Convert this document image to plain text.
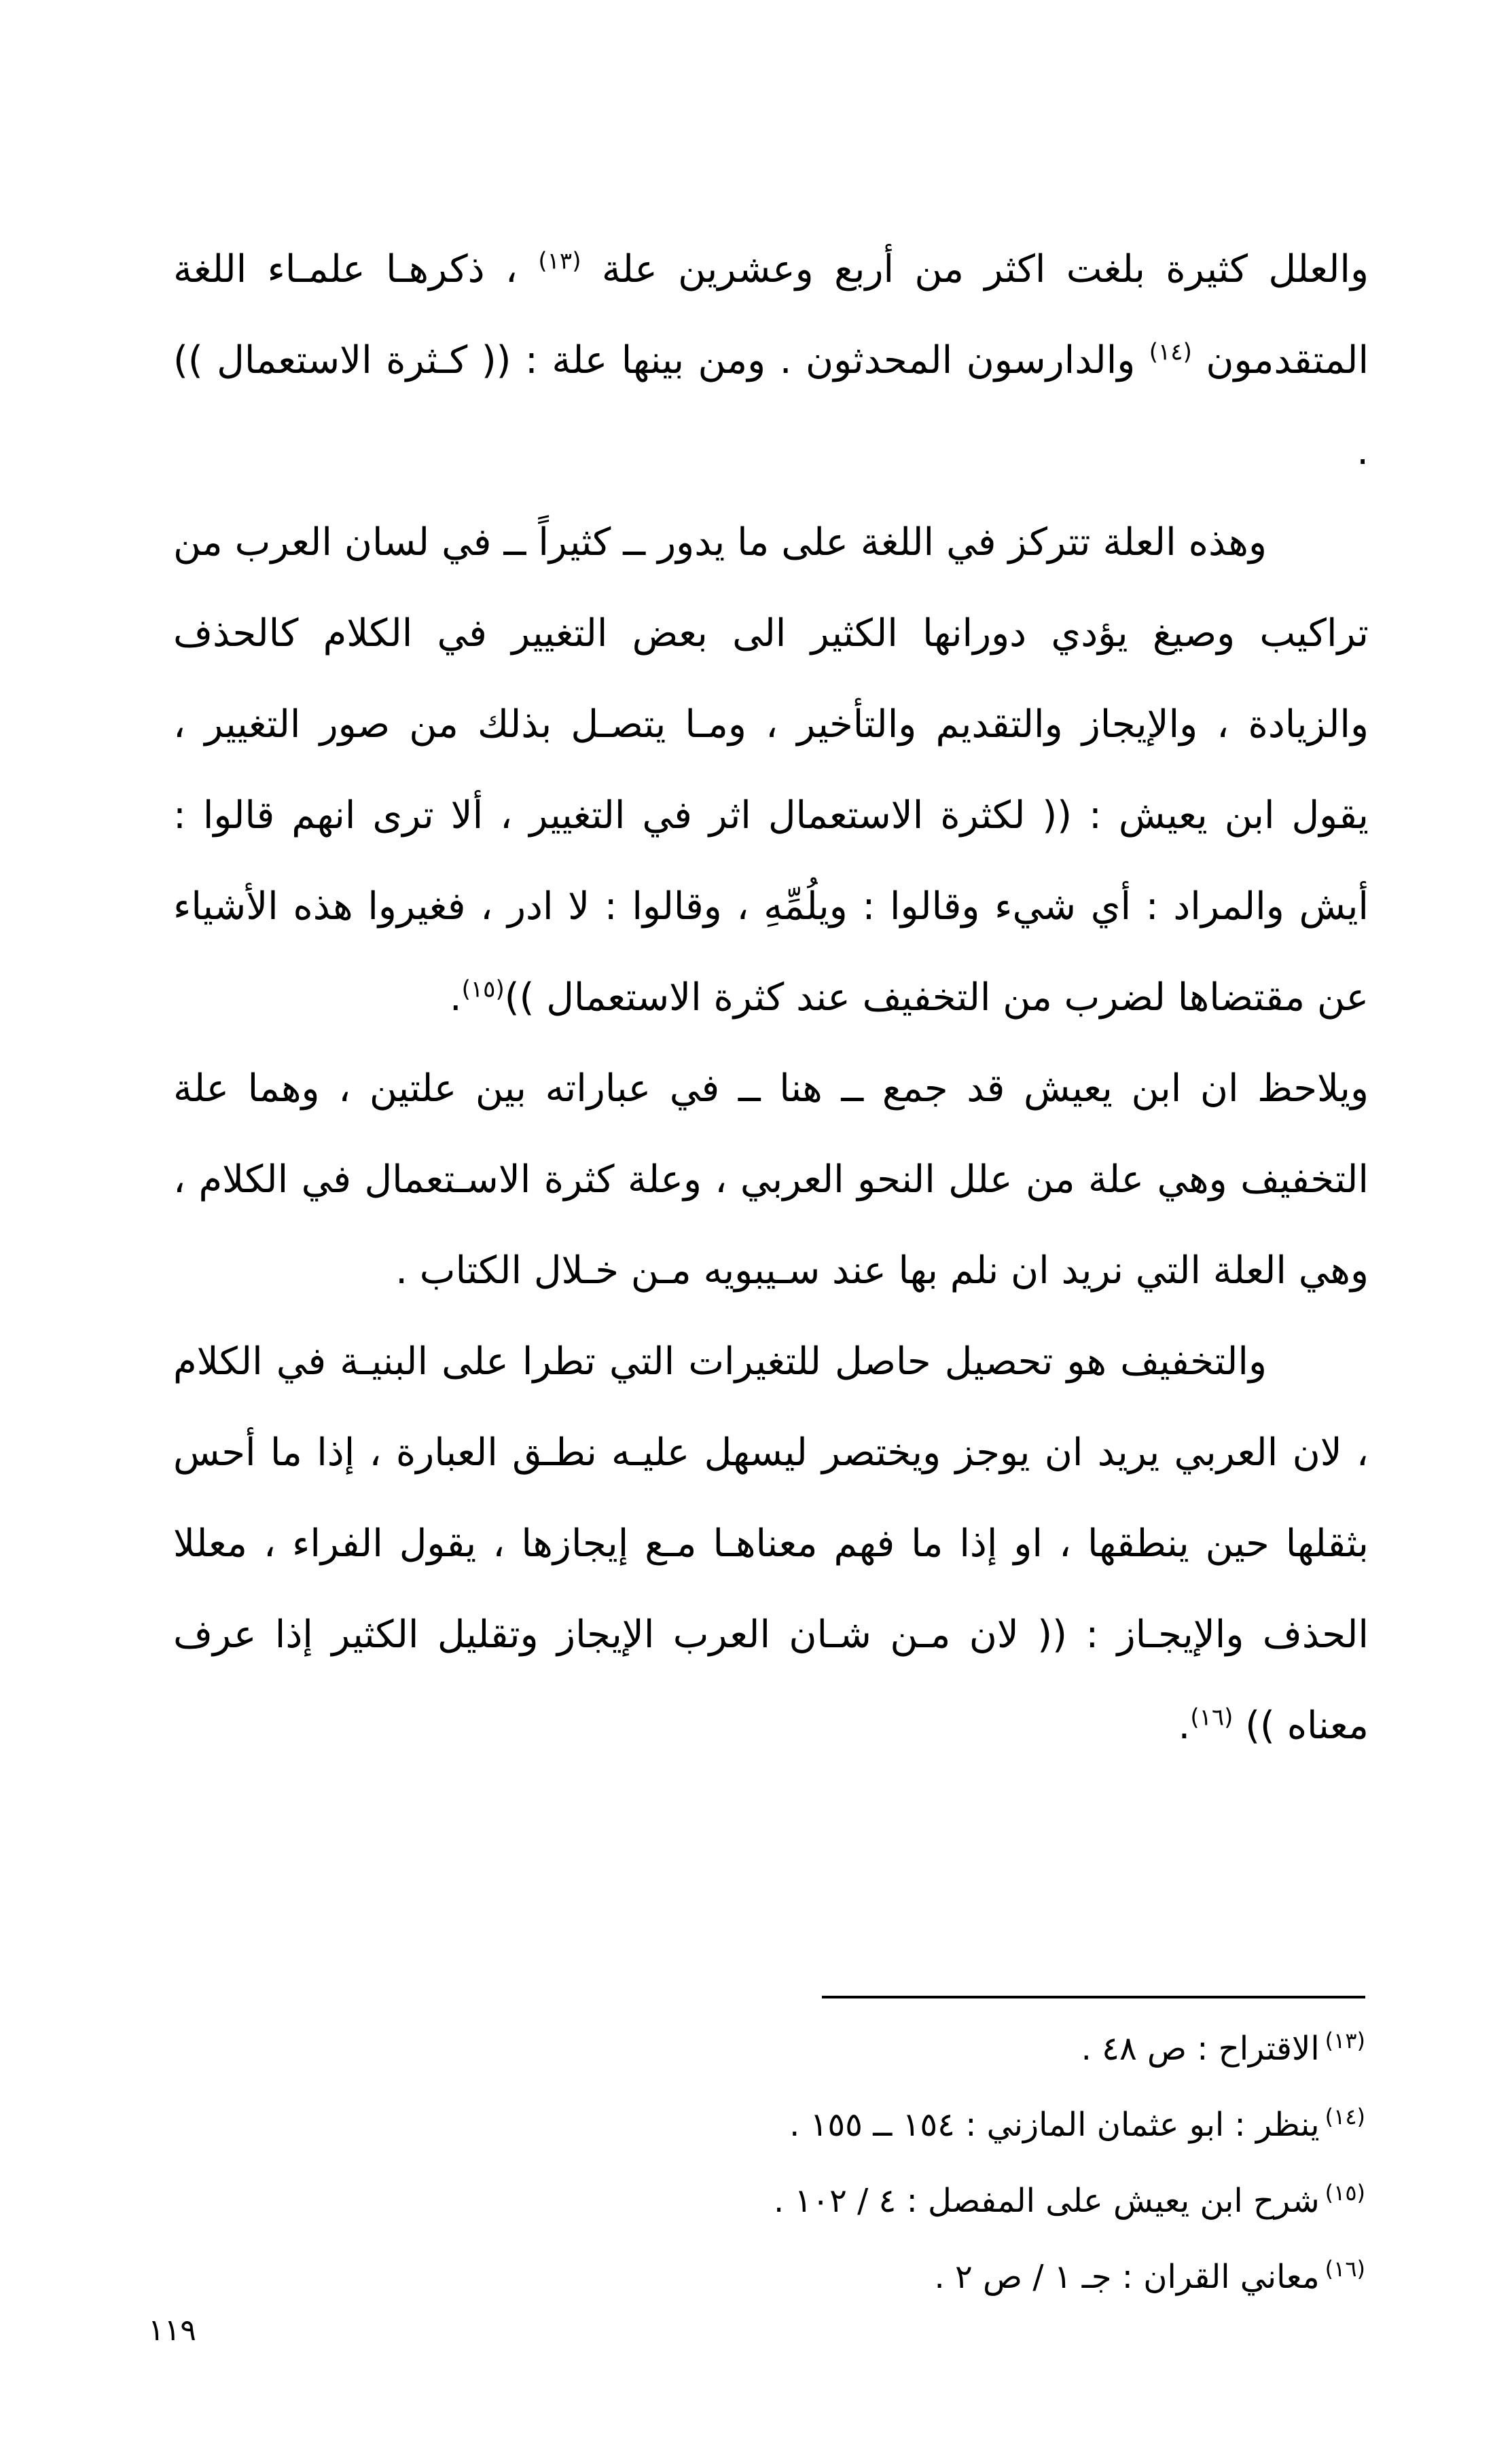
والعلل كثيرة بلغت اكثر من أربع وعشرين علة $^{(١٣)}$ ، ذكرهـا علمـاء اللغة المتقدمون $^{(١٤)}$ والدارسون المحدثون . ومن بينها علة : (( كـثرة الاستعمال )) .

وهذه العلة تتركز في اللغة على ما يدور ــ كثيراً ــ في لسان العرب من تراكيب وصيغ يؤدي دورانها الكثير الى بعض التغيير في الكلام كالحذف والزيادة ، والإيجاز والتقديم والتأخير ، ومـا يتصـل بذلك من صور التغيير ، يقول ابن يعيش : (( لكثرة الاستعمال اثر في التغيير ، ألا ترى انهم قالوا : أيش والمراد : أي شيء وقالوا : ويلُمِّهِ ، وقالوا : لا ادر ، فغيروا هذه الأشياء عن مقتضاها لضرب من التخفيف عند كثرة الاستعمال ))$^{(١٥)}$.

ويلاحظ ان ابن يعيش قد جمع ــ هنا ــ في عباراته بين علتين ، وهما علة التخفيف وهي علة من علل النحو العربي ، وعلة كثرة الاسـتعمال في الكلام ، وهي العلة التي نريد ان نلم بها عند سـيبويه مـن خـلال الكتاب .

والتخفيف هو تحصيل حاصل للتغيرات التي تطرا على البنيـة في الكلام ، لان العربي يريد ان يوجز ويختصر ليسهل عليـه نطـق العبارة ، إذا ما أحس بثقلها حين ينطقها ، او إذا ما فهم معناهـا مـع إيجازها ، يقول الفراء ، معللا الحذف والإيجـاز : (( لان مـن شـان العرب الإيجاز وتقليل الكثير إذا عرف معناه )) $^{(١٦)}$.

$^{(١٣)}$الاقتراح : ص ٤٨ .

$^{(١٤)}$ينظر : ابو عثمان المازني : ١٥٤ ــ ١٥٥ .

$^{(١٥)}$شرح ابن يعيش على المفصل : ٤ / ١٠٢ .

$^{(١٦)}$معاني القران : جـ ١ / ص ٢ .

١١٩
